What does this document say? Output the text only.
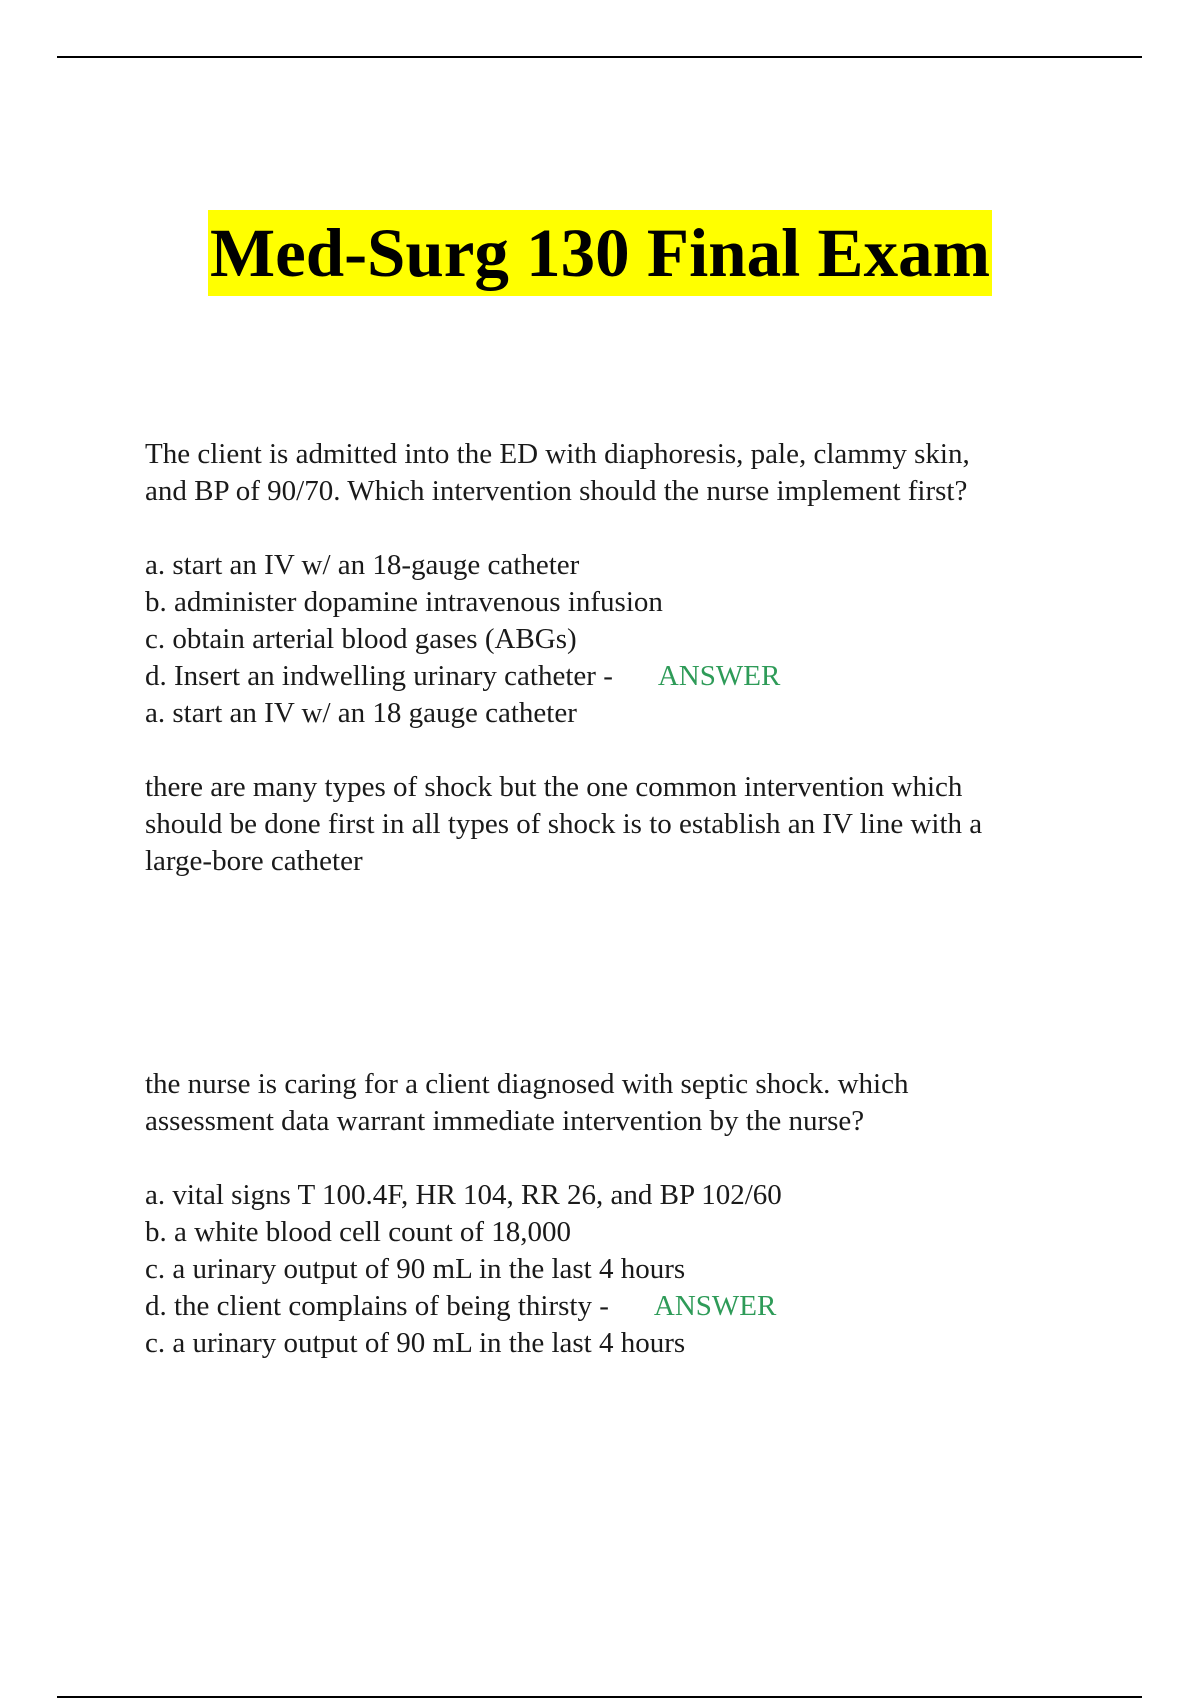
Med-Surg 130 Final Exam
The client is admitted into the ED with diaphoresis, pale, clammy skin,
and BP of 90/70. Which intervention should the nurse implement first?
a. start an IV w/ an 18-gauge catheter
b. administer dopamine intravenous infusion
c. obtain arterial blood gases (ABGs)
d. Insert an indwelling urinary catheter - ANSWER
a. start an IV w/ an 18 gauge catheter
there are many types of shock but the one common intervention which
should be done first in all types of shock is to establish an IV line with a
large-bore catheter
the nurse is caring for a client diagnosed with septic shock. which
assessment data warrant immediate intervention by the nurse?
a. vital signs T 100.4F, HR 104, RR 26, and BP 102/60
b. a white blood cell count of 18,000
c. a urinary output of 90 mL in the last 4 hours
d. the client complains of being thirsty - ANSWER
c. a urinary output of 90 mL in the last 4 hours
